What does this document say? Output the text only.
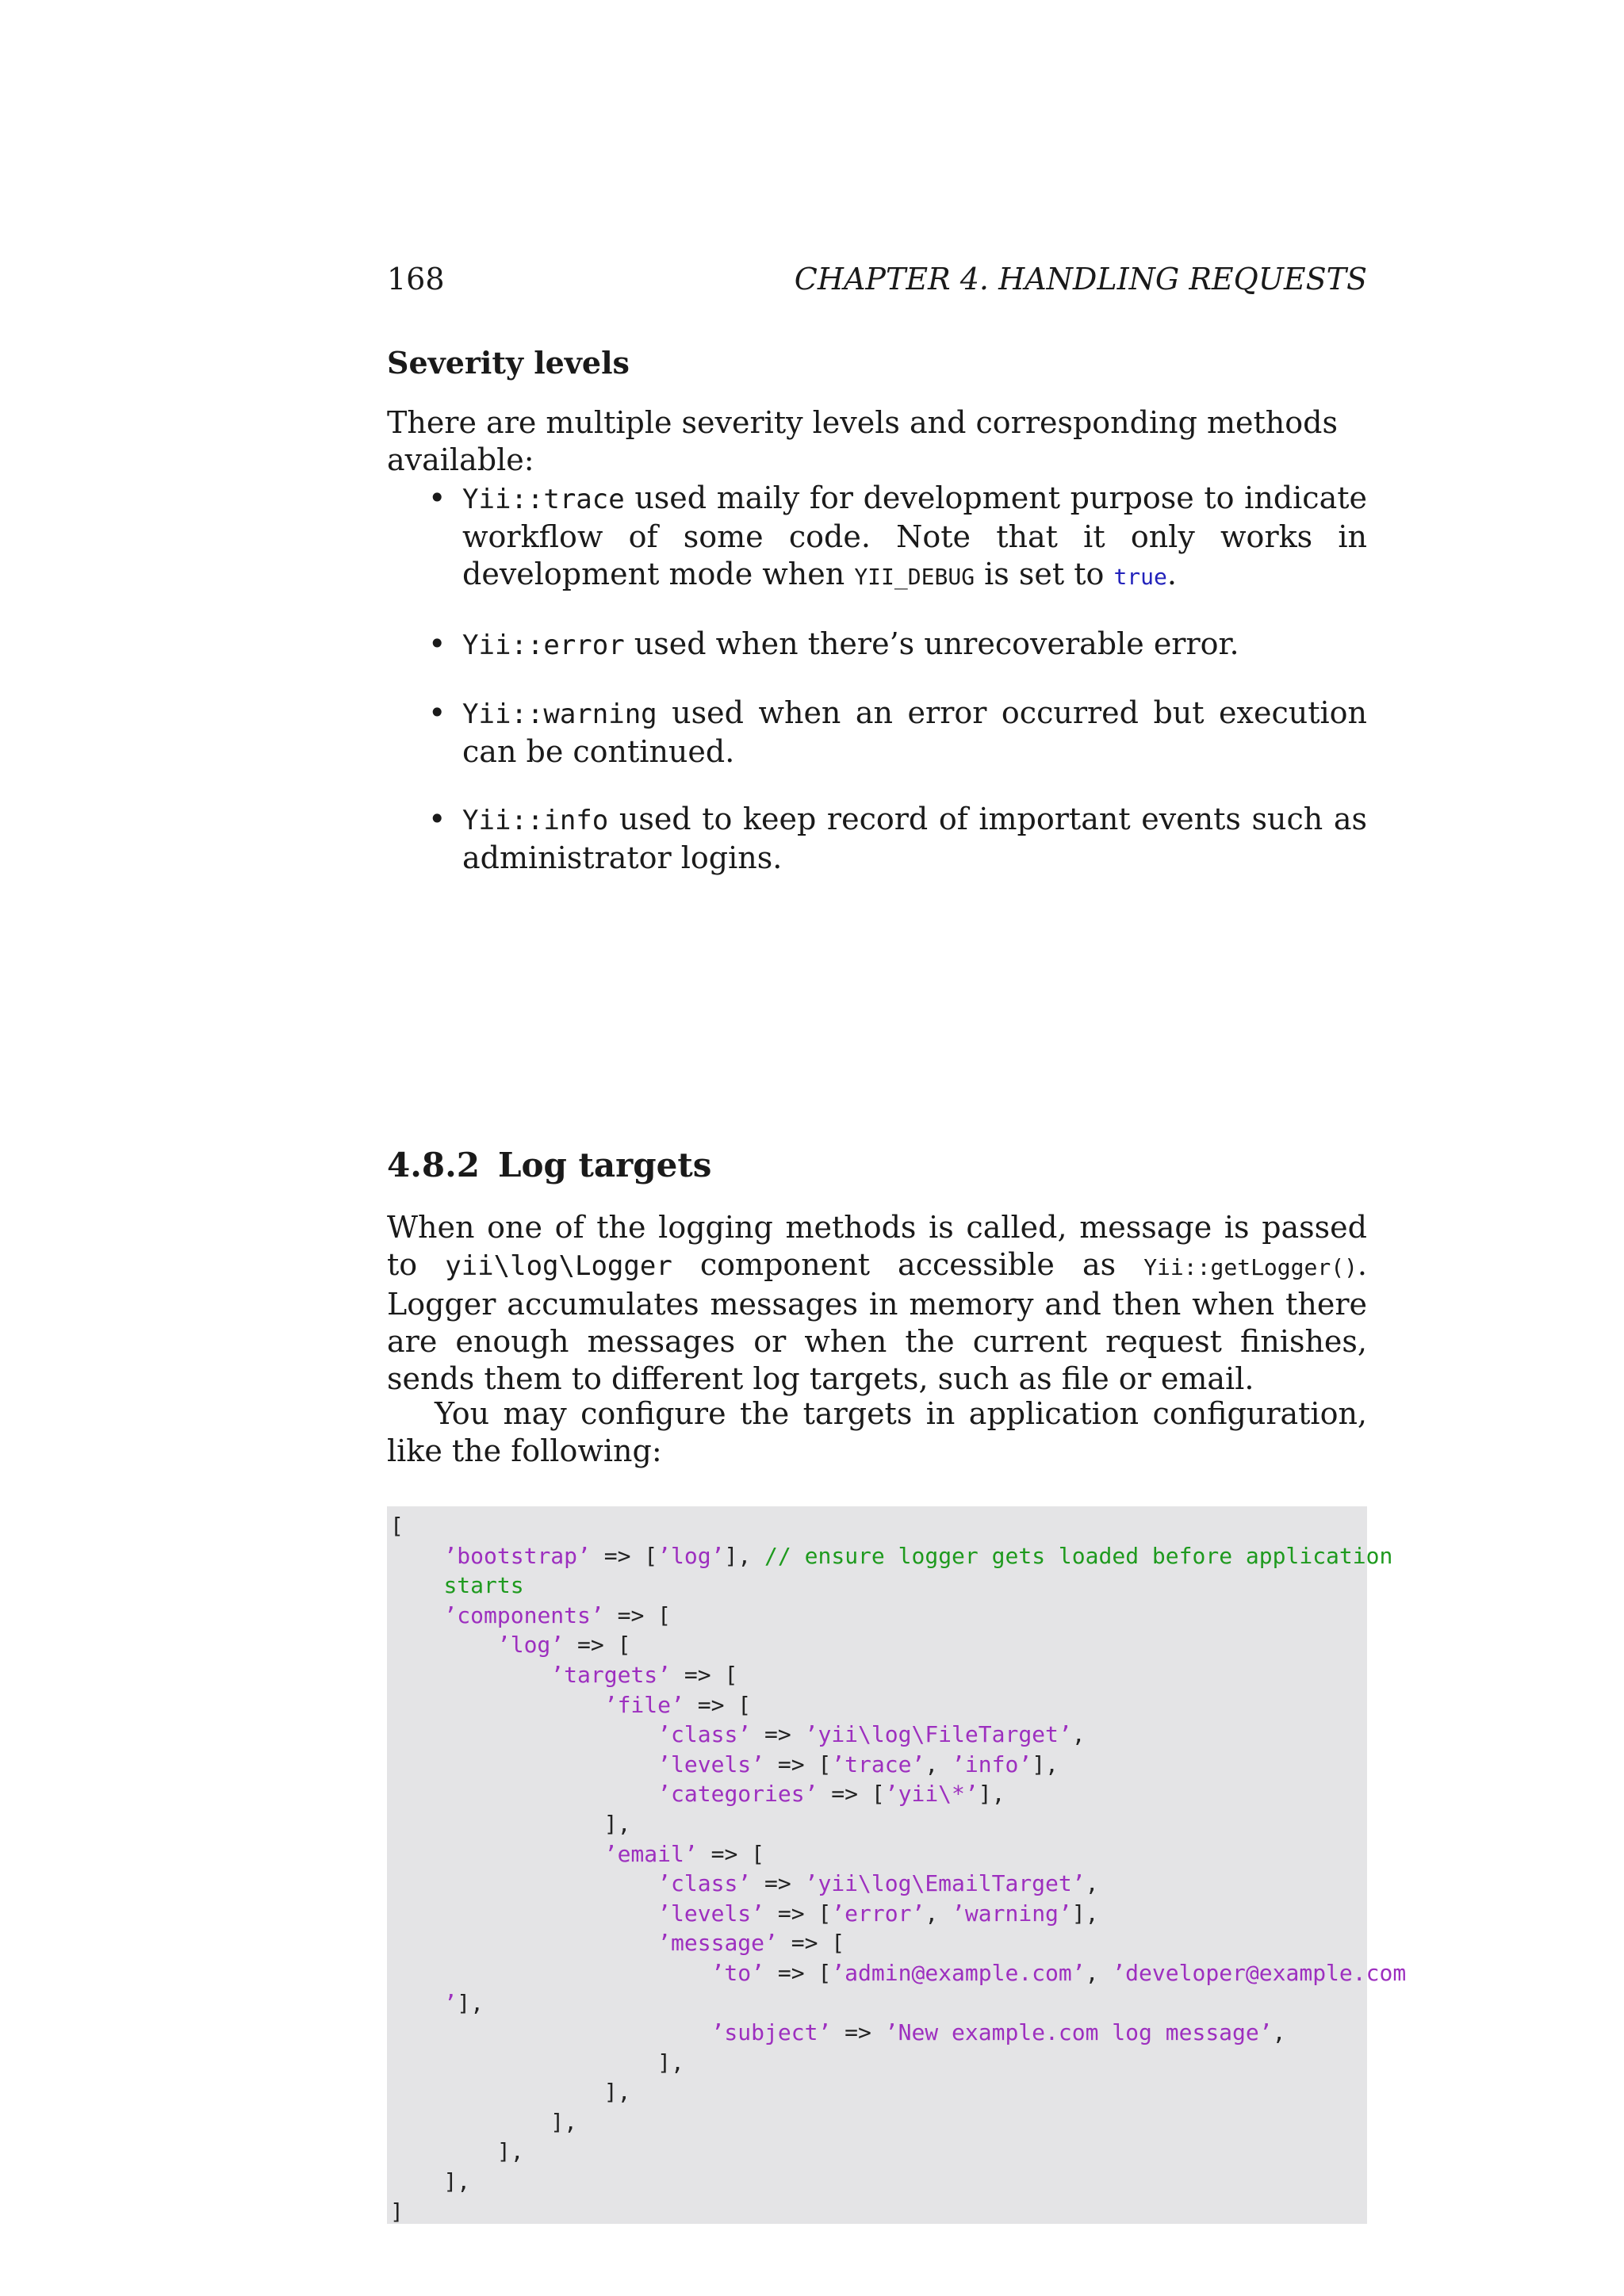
168	CHAPTER 4. HANDLING REQUESTS
Severity levels

There are multiple severity levels and corresponding methods available:

• Yii::trace used maily for development purpose to indicate workflow of some code. Note that it only works in development mode when YII_DEBUG is set to true.
• Yii::error used when there’s unrecoverable error.
• Yii::warning used when an error occurred but execution can be continued.
• Yii::info used to keep record of important events such as administrator logins.
4.8.2 Log targets

When one of the logging methods is called, message is passed to yii\log\Logger component accessible as Yii::getLogger(). Logger accumulates messages in memory and then when there are enough messages or when the current request finishes, sends them to different log targets, such as file or email.

You may configure the targets in application configuration, like the following:

[
’bootstrap’ => [’log’], // ensure logger gets loaded before application
starts
’components’ => [
’log’ => [
’targets’ => [
’file’ => [
’class’ => ’yii\log\FileTarget’,
’levels’ => [’trace’, ’info’],
’categories’ => [’yii\*’],
],
’email’ => [
’class’ => ’yii\log\EmailTarget’,
’levels’ => [’error’, ’warning’],
’message’ => [
’to’ => [’admin@example.com’, ’developer@example.com
’],
’subject’ => ’New example.com log message’,
],
],
],
],
],
]
